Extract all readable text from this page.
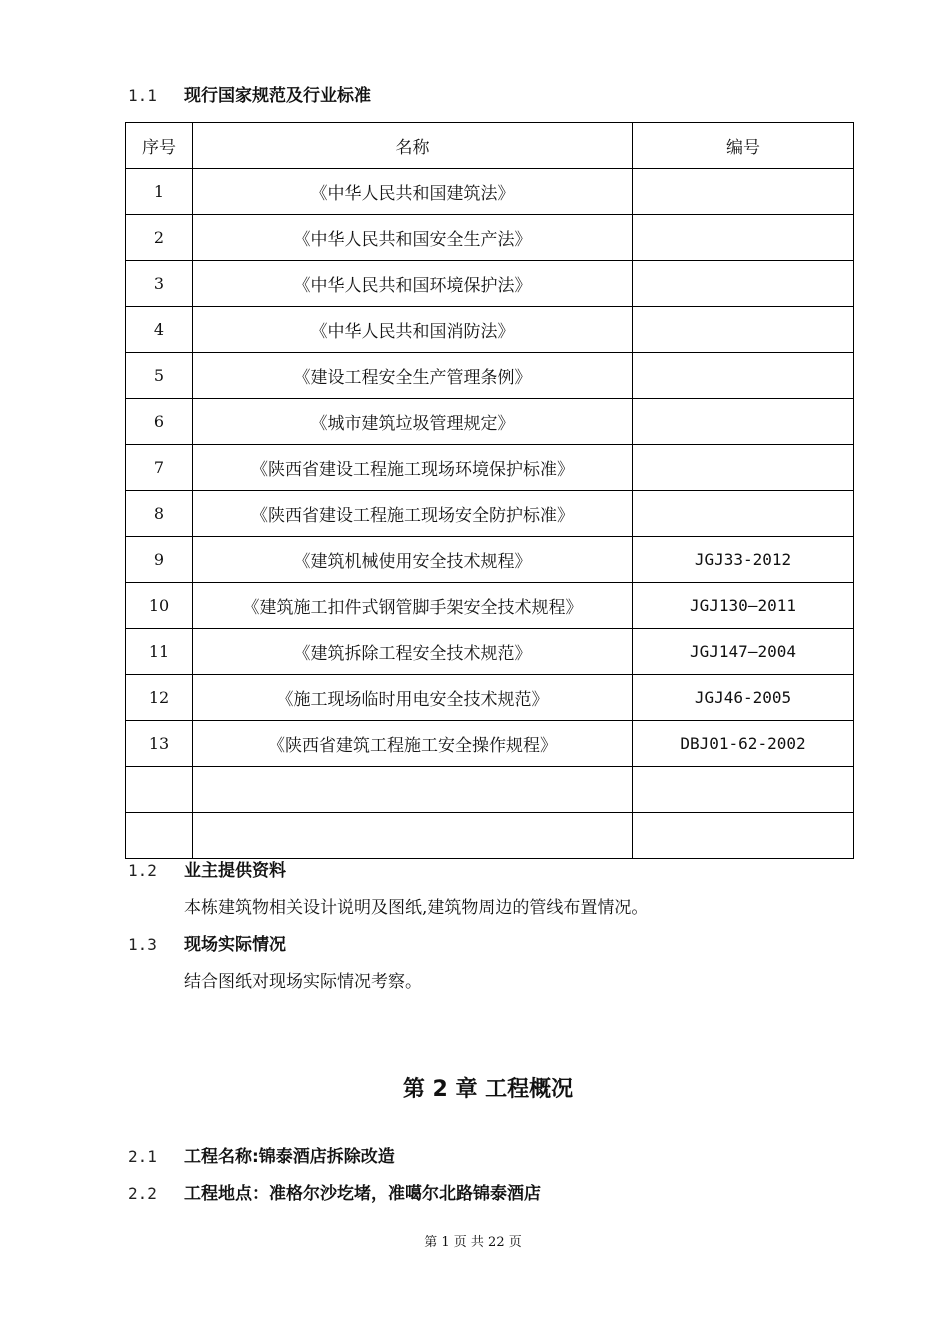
1.1 现行国家规范及行业标准
序号	名称	编号
1	《中华人民共和国建筑法》	
2	《中华人民共和国安全生产法》	
3	《中华人民共和国环境保护法》	
4	《中华人民共和国消防法》	
5	《建设工程安全生产管理条例》	
6	《城市建筑垃圾管理规定》	
7	《陕西省建设工程施工现场环境保护标准》	
8	《陕西省建设工程施工现场安全防护标准》	
9	《建筑机械使用安全技术规程》	JGJ33-2012
10	《建筑施工扣件式钢管脚手架安全技术规程》	JGJ130—2011
11	《建筑拆除工程安全技术规范》	JGJ147—2004
12	《施工现场临时用电安全技术规范》	JGJ46-2005
13	《陕西省建筑工程施工安全操作规程》	DBJ01-62-2002

1.2 业主提供资料
本栋建筑物相关设计说明及图纸,建筑物周边的管线布置情况。
1.3 现场实际情况
结合图纸对现场实际情况考察。
第 2 章 工程概况
2.1 工程名称:锦泰酒店拆除改造
2.2 工程地点：准格尔沙圪堵，准噶尔北路锦泰酒店
第 1 页 共 22 页
